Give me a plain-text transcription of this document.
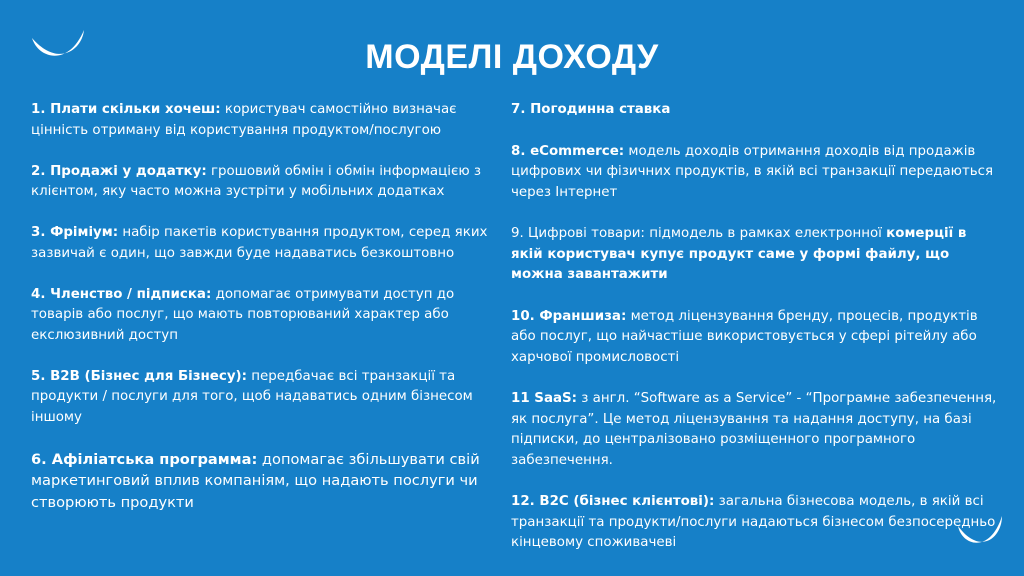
МОДЕЛІ ДОХОДУ

1. Плати скільки хочеш: користувач самостійно визначає цінність отриману від користування продуктом/послугою

2. Продажі у додатку: грошовий обмін і обмін інформацією з клієнтом, яку часто можна зустріти у мобільних додатках

3. Фріміум: набір пакетів користування продуктом, серед яких зазвичай є один, що завжди буде надаватись безкоштовно

4. Членство / підписка: допомагає отримувати доступ до товарів або послуг, що мають повторюваний характер або екслюзивний доступ

5. B2B (Бізнес для Бізнесу): передбачає всі транзакції та продукти / послуги для того, щоб надаватись одним бізнесом іншому

6. Афіліатська программа: допомагає збільшувати свій маркетинговий вплив компаніям, що надають послуги чи створюють продукти

7. Погодинна ставка

8. eCommerce: модель доходів отримання доходів від продажів цифрових чи фізичних продуктів, в якій всі транзакції передаються через Інтернет

9. Цифрові товари: підмодель в рамках електронної комерції в якій користувач купує продукт саме у формі файлу, що можна завантажити

10. Франшиза: метод ліцензування бренду, процесів, продуктів або послуг, що найчастіше використовується у сфері рітейлу або харчової промисловості

11 SaaS: з англ. “Software as a Service” - “Програмне забезпечення, як послуга”. Це метод ліцензування та надання доступу, на базі підписки, до централізовано розміщенного програмного забезпечення.

12. B2C (бізнес клієнтові): загальна бізнесова модель, в якій всі транзакції та продукти/послуги надаються бізнесом безпосередньо кінцевому споживачеві
